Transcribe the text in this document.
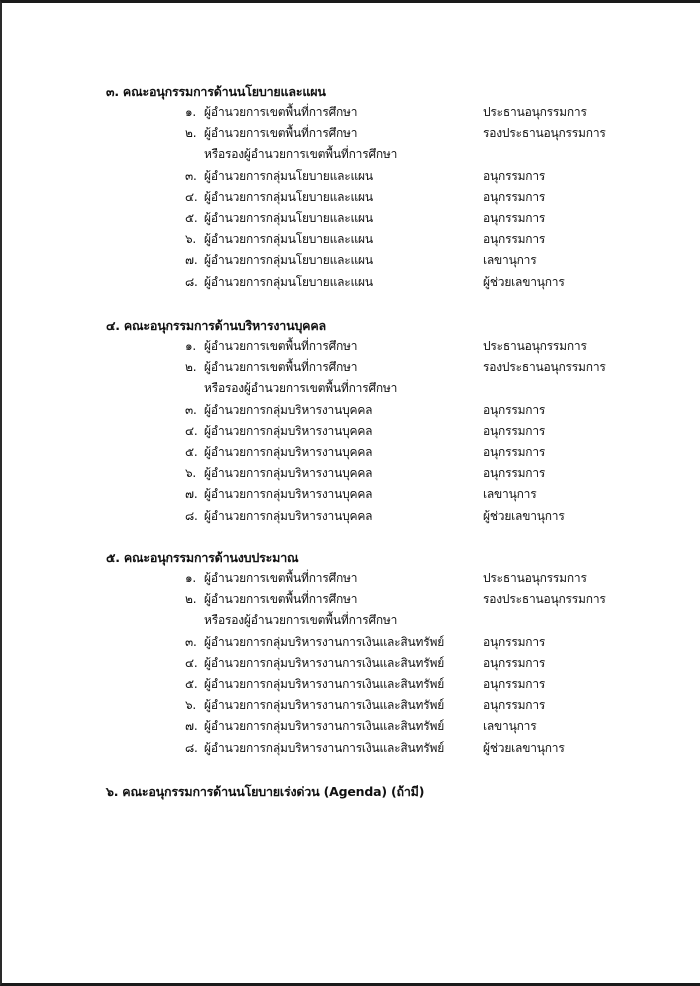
๓. คณะอนุกรรมการด้านนโยบายและแผน
๑. ผู้อำนวยการเขตพื้นที่การศึกษา	ประธานอนุกรรมการ
๒. ผู้อำนวยการเขตพื้นที่การศึกษา	รองประธานอนุกรรมการ
หรือรองผู้อำนวยการเขตพื้นที่การศึกษา
๓. ผู้อำนวยการกลุ่มนโยบายและแผน	อนุกรรมการ
๔. ผู้อำนวยการกลุ่มนโยบายและแผน	อนุกรรมการ
๕. ผู้อำนวยการกลุ่มนโยบายและแผน	อนุกรรมการ
๖. ผู้อำนวยการกลุ่มนโยบายและแผน	อนุกรรมการ
๗. ผู้อำนวยการกลุ่มนโยบายและแผน	เลขานุการ
๘. ผู้อำนวยการกลุ่มนโยบายและแผน	ผู้ช่วยเลขานุการ
๔. คณะอนุกรรมการด้านบริหารงานบุคคล
๑. ผู้อำนวยการเขตพื้นที่การศึกษา	ประธานอนุกรรมการ
๒. ผู้อำนวยการเขตพื้นที่การศึกษา	รองประธานอนุกรรมการ
หรือรองผู้อำนวยการเขตพื้นที่การศึกษา
๓. ผู้อำนวยการกลุ่มบริหารงานบุคคล	อนุกรรมการ
๔. ผู้อำนวยการกลุ่มบริหารงานบุคคล	อนุกรรมการ
๕. ผู้อำนวยการกลุ่มบริหารงานบุคคล	อนุกรรมการ
๖. ผู้อำนวยการกลุ่มบริหารงานบุคคล	อนุกรรมการ
๗. ผู้อำนวยการกลุ่มบริหารงานบุคคล	เลขานุการ
๘. ผู้อำนวยการกลุ่มบริหารงานบุคคล	ผู้ช่วยเลขานุการ
๕. คณะอนุกรรมการด้านงบประมาณ
๑. ผู้อำนวยการเขตพื้นที่การศึกษา	ประธานอนุกรรมการ
๒. ผู้อำนวยการเขตพื้นที่การศึกษา	รองประธานอนุกรรมการ
หรือรองผู้อำนวยการเขตพื้นที่การศึกษา
๓. ผู้อำนวยการกลุ่มบริหารงานการเงินและสินทรัพย์	อนุกรรมการ
๔. ผู้อำนวยการกลุ่มบริหารงานการเงินและสินทรัพย์	อนุกรรมการ
๕. ผู้อำนวยการกลุ่มบริหารงานการเงินและสินทรัพย์	อนุกรรมการ
๖. ผู้อำนวยการกลุ่มบริหารงานการเงินและสินทรัพย์	อนุกรรมการ
๗. ผู้อำนวยการกลุ่มบริหารงานการเงินและสินทรัพย์	เลขานุการ
๘. ผู้อำนวยการกลุ่มบริหารงานการเงินและสินทรัพย์	ผู้ช่วยเลขานุการ
๖. คณะอนุกรรมการด้านนโยบายเร่งด่วน (Agenda) (ถ้ามี)
